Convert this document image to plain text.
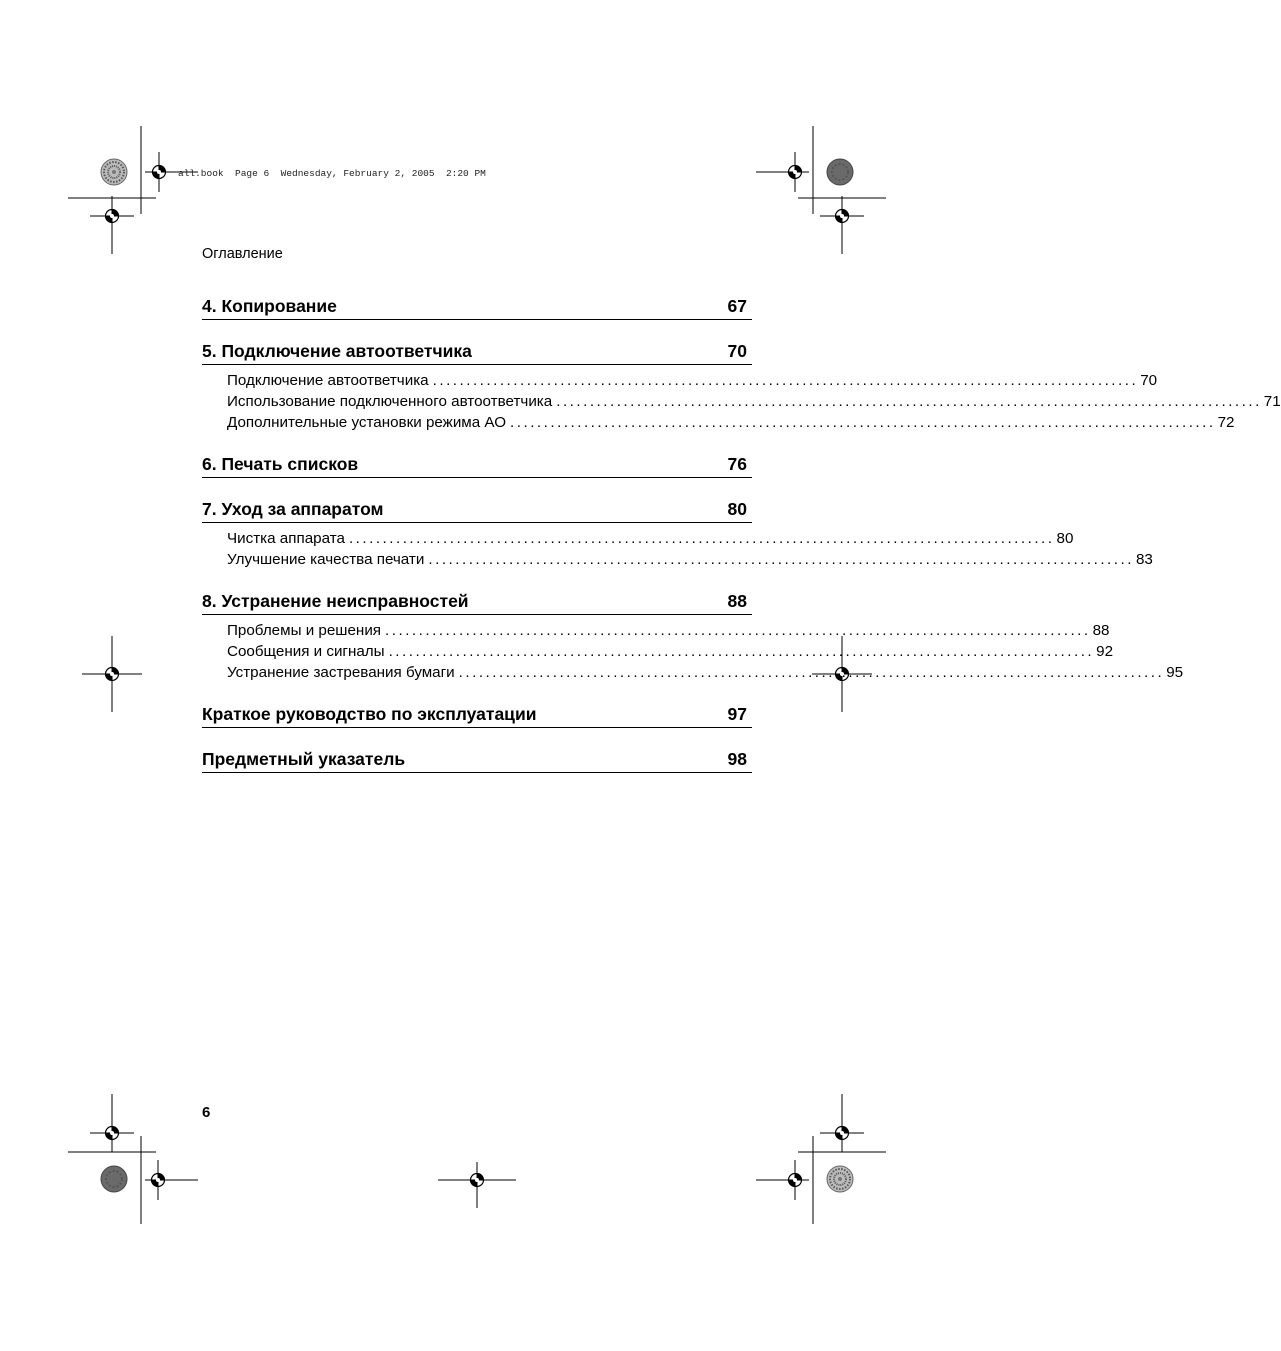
all.book  Page 6  Wednesday, February 2, 2005  2:20 PM
Оглавление
4. Копирование	67
5. Подключение автоответчика	70
Подключение автоответчика ......................................................................................................... 70
Использование подключенного автоответчика ......................................................................................................... 71
Дополнительные установки режима АО ......................................................................................................... 72
6. Печать списков	76
7. Уход за аппаратом	80
Чистка аппарата ......................................................................................................... 80
Улучшение качества печати ......................................................................................................... 83
8. Устранение неисправностей	88
Проблемы и решения ......................................................................................................... 88
Сообщения и сигналы ......................................................................................................... 92
Устранение застревания бумаги ......................................................................................................... 95
Краткое руководство по эксплуатации	97
Предметный указатель	98
6
